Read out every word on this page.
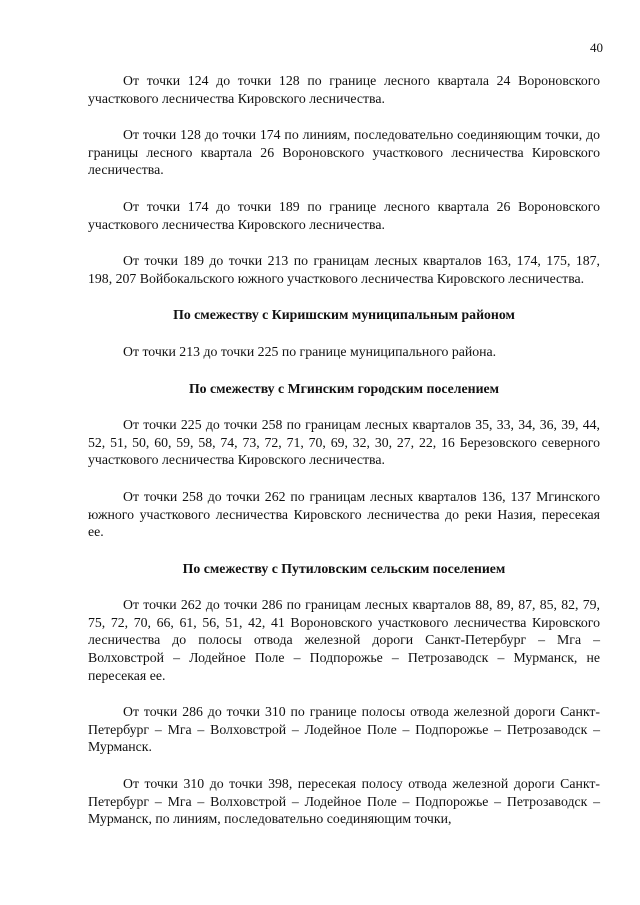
40

От точки 124 до точки 128 по границе лесного квартала 24 Вороновского участкового лесничества Кировского лесничества.

От точки 128 до точки 174 по линиям, последовательно соединяющим точки, до границы лесного квартала 26 Вороновского участкового лесничества Кировского лесничества.

От точки 174 до точки 189 по границе лесного квартала 26 Вороновского участкового лесничества Кировского лесничества.

От точки 189 до точки 213 по границам лесных кварталов 163, 174, 175, 187, 198, 207 Войбокальского южного участкового лесничества Кировского лесничества.

По смежеству с Киришским муниципальным районом

От точки 213 до точки 225 по границе муниципального района.

По смежеству с Мгинским городским поселением

От точки 225 до точки 258 по границам лесных кварталов 35, 33, 34, 36, 39, 44, 52, 51, 50, 60, 59, 58, 74, 73, 72, 71, 70, 69, 32, 30, 27, 22, 16 Березовского северного участкового лесничества Кировского лесничества.

От точки 258 до точки 262 по границам лесных кварталов 136, 137 Мгинского южного участкового лесничества Кировского лесничества до реки Назия, пересекая ее.

По смежеству с Путиловским сельским поселением

От точки 262 до точки 286 по границам лесных кварталов 88, 89, 87, 85, 82, 79, 75, 72, 70, 66, 61, 56, 51, 42, 41 Вороновского участкового лесничества Кировского лесничества до полосы отвода железной дороги Санкт-Петербург – Мга – Волховстрой – Лодейное Поле – Подпорожье – Петрозаводск – Мурманск, не пересекая ее.

От точки 286 до точки 310 по границе полосы отвода железной дороги Санкт-Петербург – Мга – Волховстрой – Лодейное Поле – Подпорожье – Петрозаводск – Мурманск.

От точки 310 до точки 398, пересекая полосу отвода железной дороги Санкт-Петербург – Мга – Волховстрой – Лодейное Поле – Подпорожье – Петрозаводск – Мурманск, по линиям, последовательно соединяющим точки,
